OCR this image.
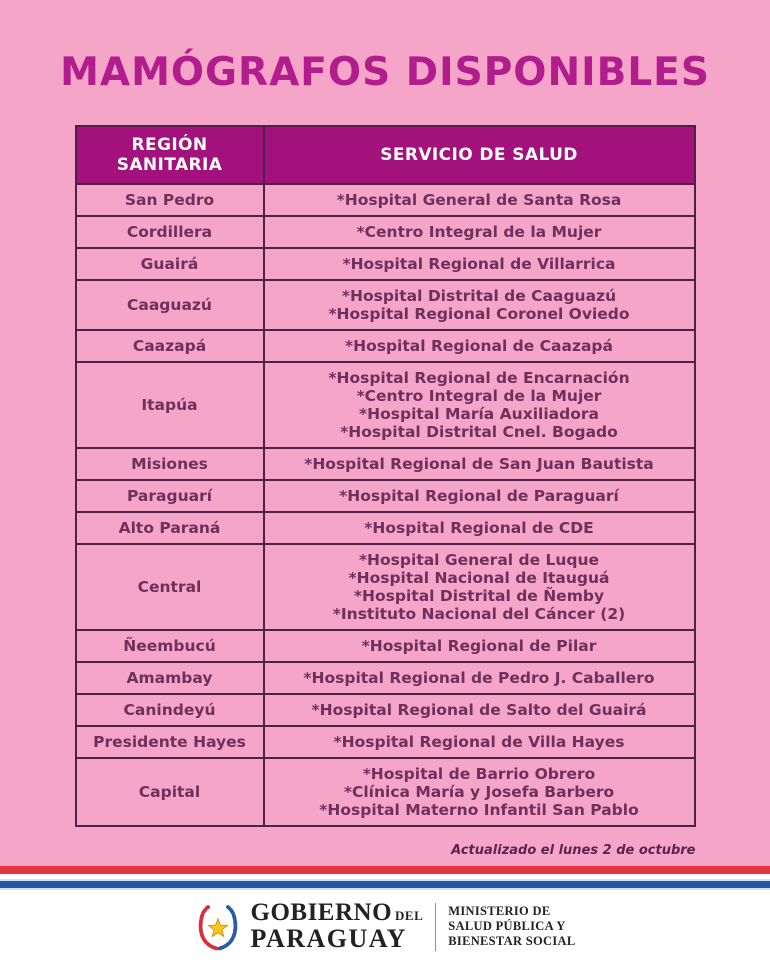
MAMÓGRAFOS DISPONIBLES
REGIÓN SANITARIA	SERVICIO DE SALUD
San Pedro	*Hospital General de Santa Rosa

Cordillera	*Centro Integral de la Mujer

Guairá	*Hospital Regional de Villarrica

Caaguazú	*Hospital Distrital de Caaguazú
*Hospital Regional Coronel Oviedo

Caazapá	*Hospital Regional de Caazapá

Itapúa	*Hospital Regional de Encarnación
*Centro Integral de la Mujer
*Hospital María Auxiliadora
*Hospital Distrital Cnel. Bogado

Misiones	*Hospital Regional de San Juan Bautista

Paraguarí	*Hospital Regional de Paraguarí

Alto Paraná	*Hospital Regional de CDE

Central	*Hospital General de Luque
*Hospital Nacional de Itauguá
*Hospital Distrital de Ñemby
*Instituto Nacional del Cáncer (2)

Ñeembucú	*Hospital Regional de Pilar

Amambay	*Hospital Regional de Pedro J. Caballero

Canindeyú	*Hospital Regional de Salto del Guairá

Presidente Hayes	*Hospital Regional de Villa Hayes

Capital	*Hospital de Barrio Obrero
*Clínica María y Josefa Barbero
*Hospital Materno Infantil San Pablo
Actualizado el lunes 2 de octubre
GOBIERNO DEL
PARAGUAY
MINISTERIO DE
SALUD PÚBLICA Y
BIENESTAR SOCIAL
